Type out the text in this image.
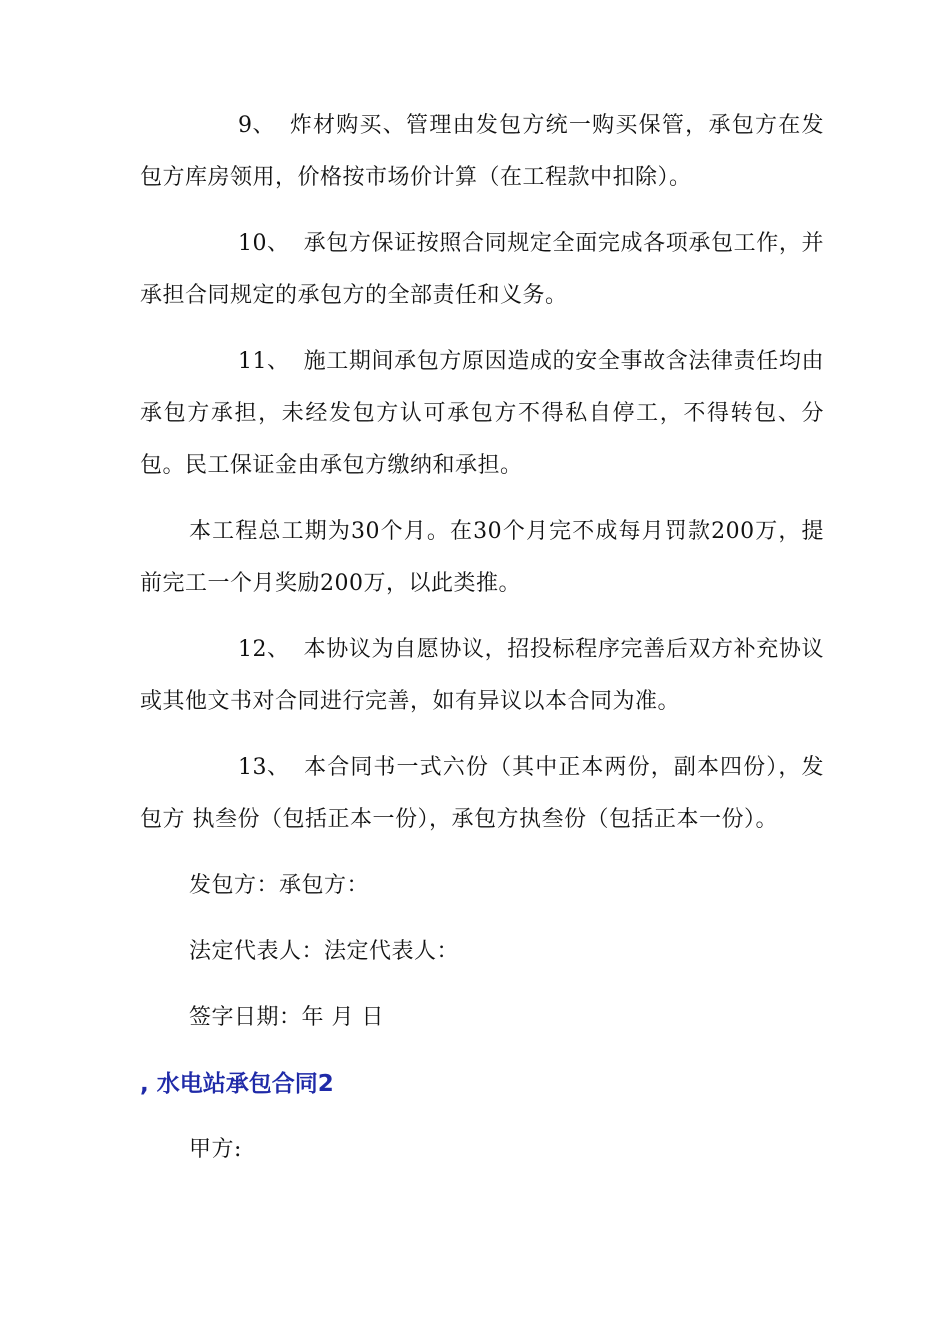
9、 炸材购买、管理由发包方统一购买保管，承包方在发包方库房领用，价格按市场价计算（在工程款中扣除）。

10、 承包方保证按照合同规定全面完成各项承包工作，并承担合同规定的承包方的全部责任和义务。

11、 施工期间承包方原因造成的安全事故含法律责任均由承包方承担，未经发包方认可承包方不得私自停工，不得转包、分包。民工保证金由承包方缴纳和承担。

本工程总工期为30个月。在30个月完不成每月罚款200万，提前完工一个月奖励200万，以此类推。

12、 本协议为自愿协议，招投标程序完善后双方补充协议或其他文书对合同进行完善，如有异议以本合同为准。

13、 本合同书一式六份（其中正本两份，副本四份），发包方 执叁份（包括正本一份），承包方执叁份（包括正本一份）。

发包方：承包方：

法定代表人：法定代表人：

签字日期：年 月 日

, 水电站承包合同2

甲方:
